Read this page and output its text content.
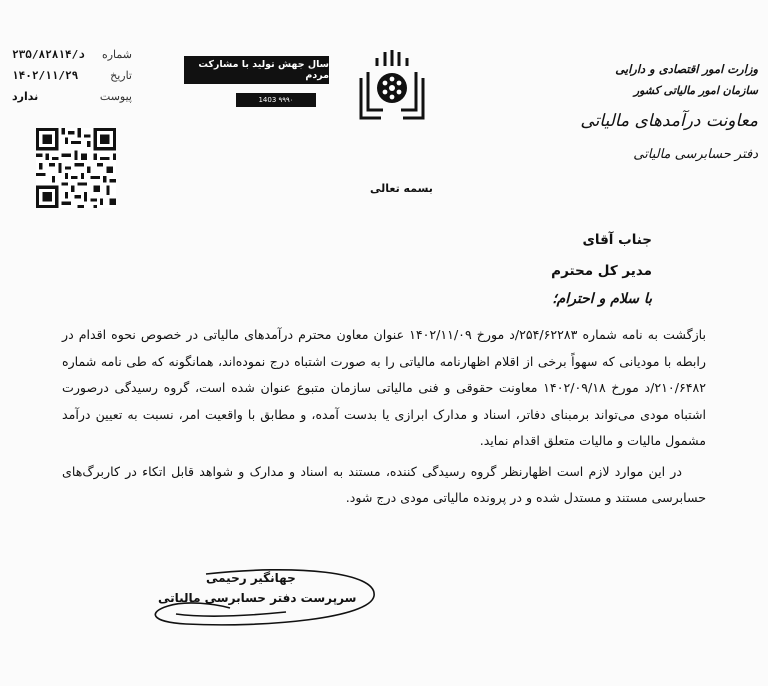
شماره
د/۲۳۵/۸۲۸۱۴
تاریخ
۱۴۰۲/۱۱/۲۹
پیوست
ندارد
سال جهش تولید با مشارکت مردم
1403 ۹۹۹۰
وزارت امور اقتصادی و دارایی
سازمان امور مالیاتی کشور
معاونت درآمدهای مالیاتی
دفتر حسابرسی مالیاتی
بسمه تعالی
جناب آقای
مدیر کل محترم
با سلام و احترام؛

بازگشت به نامه شماره ۲۵۴/۶۲۲۸۳/د مورخ ۱۴۰۲/۱۱/۰۹ عنوان معاون محترم درآمدهای مالیاتی در خصوص نحوه اقدام در رابطه با مودیانی که سهواً برخی از اقلام اظهارنامه مالیاتی را به صورت اشتباه درج نموده‌اند، همانگونه که طی نامه شماره ۲۱۰/۶۴۸۲/د مورخ ۱۴۰۲/۰۹/۱۸ معاونت حقوقی و فنی مالیاتی سازمان متبوع عنوان شده است، گروه رسیدگی درصورت اشتباه مودی می‌تواند برمبنای دفاتر، اسناد و مدارک ابرازی یا بدست آمده، و مطابق با واقعیت امر، نسبت به تعیین درآمد مشمول مالیات و مالیات متعلق اقدام نماید.

در این موارد لازم است اظهارنظر گروه رسیدگی کننده، مستند به اسناد و مدارک و شواهد قابل اتکاء در کاربرگ‌های حسابرسی مستند و مستدل شده و در پرونده مالیاتی مودی درج شود.

جهانگیر رحیمی
سرپرست دفتر حسابرسی مالیاتی
